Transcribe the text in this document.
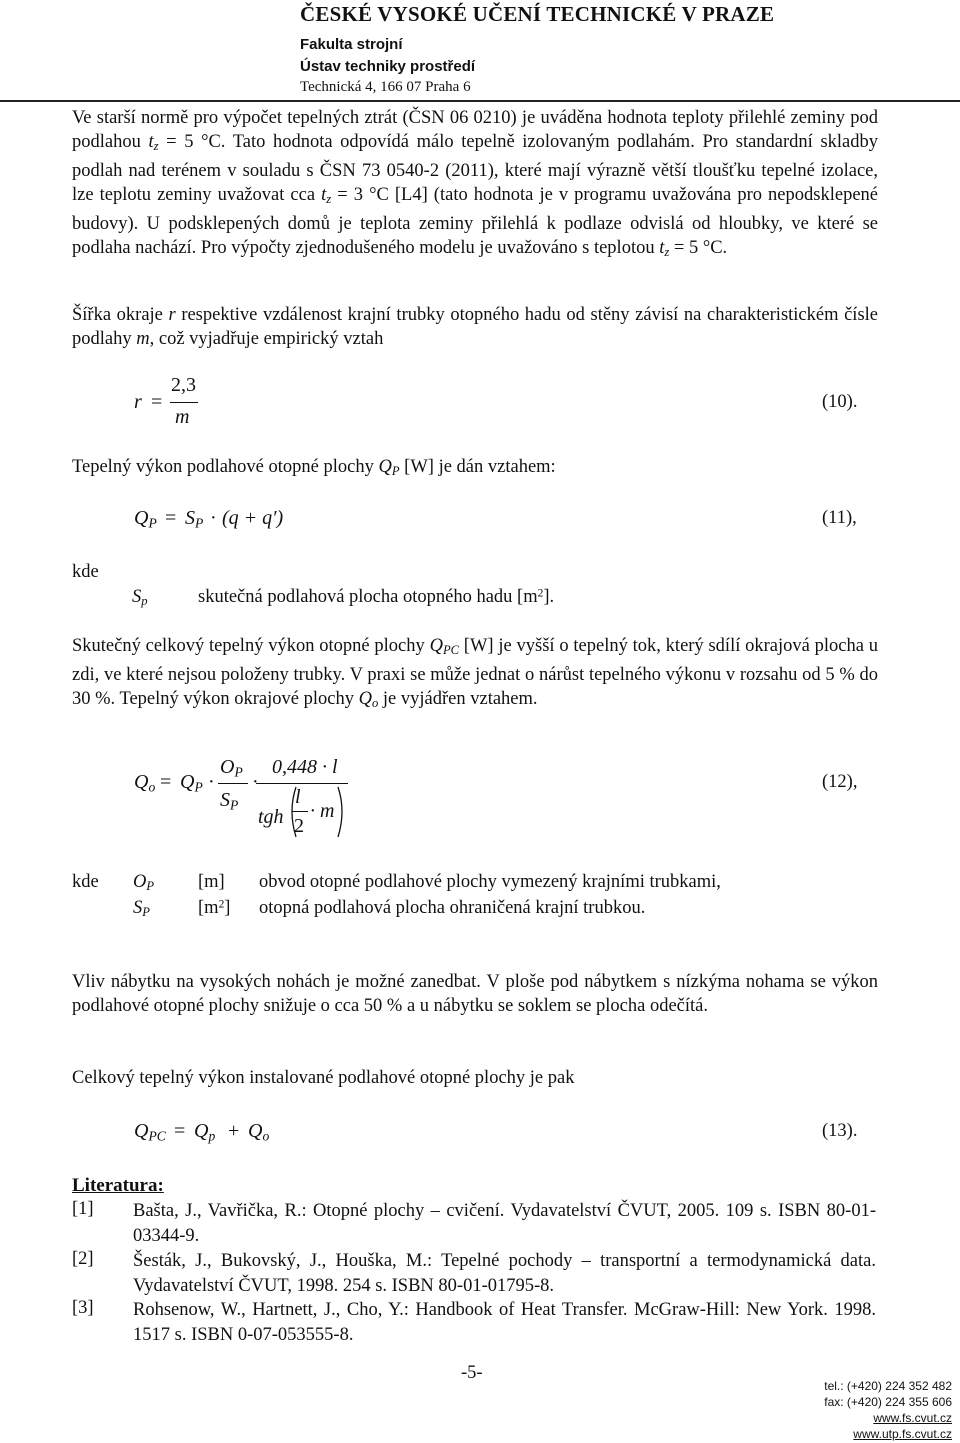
ČESKÉ VYSOKÉ UČENÍ TECHNICKÉ V PRAZE
Fakulta strojní
Ústav techniky prostředí
Technická 4, 166 07 Praha 6

Ve starší normě pro výpočet tepelných ztrát (ČSN 06 0210) je uváděna hodnota teploty přilehlé zeminy pod podlahou $t_z = 5$ °C. Tato hodnota odpovídá málo tepelně izolovaným podlahám. Pro standardní skladby podlah nad terénem v souladu s ČSN 73 0540-2 (2011), které mají výrazně větší tloušťku tepelné izolace, lze teplotu zeminy uvažovat cca $t_z = 3$ °C [L4] (tato hodnota je v programu uvažována pro nepodsklepené budovy). U podsklepených domů je teplota zeminy přilehlá k podlaze odvislá od hloubky, ve které se podlaha nachází. Pro výpočty zjednodušeného modelu je uvažováno s teplotou $t_z = 5$ °C.

Šířka okraje r respektive vzdálenost krajní trubky otopného hadu od stěny závisí na charakteristickém čísle podlahy m, což vyjadřuje empirický vztah

r =
2,3
m
(10).
Tepelný výkon podlahové otopné plochy $Q_P$ [W] je dán vztahem:
$Q_P = S_P \cdot (q + q')$	(11),
kde
$S_p$	skutečná podlahová plocha otopného hadu $[m^2]$.

Skutečný celkový tepelný výkon otopné plochy $Q_{PC}$ [W] je vyšší o tepelný tok, který sdílí okrajová plocha u zdi, ve které nejsou položeny trubky. V praxi se může jednat o nárůst tepelného výkonu v rozsahu od 5 % do 30 %. Tepelný výkon okrajové plochy $Q_o$ je vyjádřen vztahem.

$Q_o = Q_P$ ·
$O_P$
$S_P$
·
0,448 · l
tgh
l
2
· m
(12),
kde $O_P$ [m] obvod otopné podlahové plochy vymezený krajními trubkami,
$S_P$	$[m^2]$ otopná podlahová plocha ohraničená krajní trubkou.

Vliv nábytku na vysokých nohách je možné zanedbat. V ploše pod nábytkem s nízkýma nohama se výkon podlahové otopné plochy snižuje o cca 50 % a u nábytku se soklem se plocha odečítá.

Celkový tepelný výkon instalované podlahové otopné plochy je pak
$Q_{PC} = Q_p + Q_o$	(13).
Literatura:
[1] Bašta, J., Vavřička, R.: Otopné plochy – cvičení. Vydavatelství ČVUT, 2005. 109 s. ISBN 80-01-03344-9.
[2] Šesták, J., Bukovský, J., Houška, M.: Tepelné pochody – transportní a termodynamická data. Vydavatelství ČVUT, 1998. 254 s. ISBN 80-01-01795-8.
[3] Rohsenow, W., Hartnett, J., Cho, Y.: Handbook of Heat Transfer. McGraw-Hill: New York. 1998. 1517 s. ISBN 0-07-053555-8.
-5-
tel.: (+420) 224 352 482
fax: (+420) 224 355 606
www.fs.cvut.cz
www.utp.fs.cvut.cz
